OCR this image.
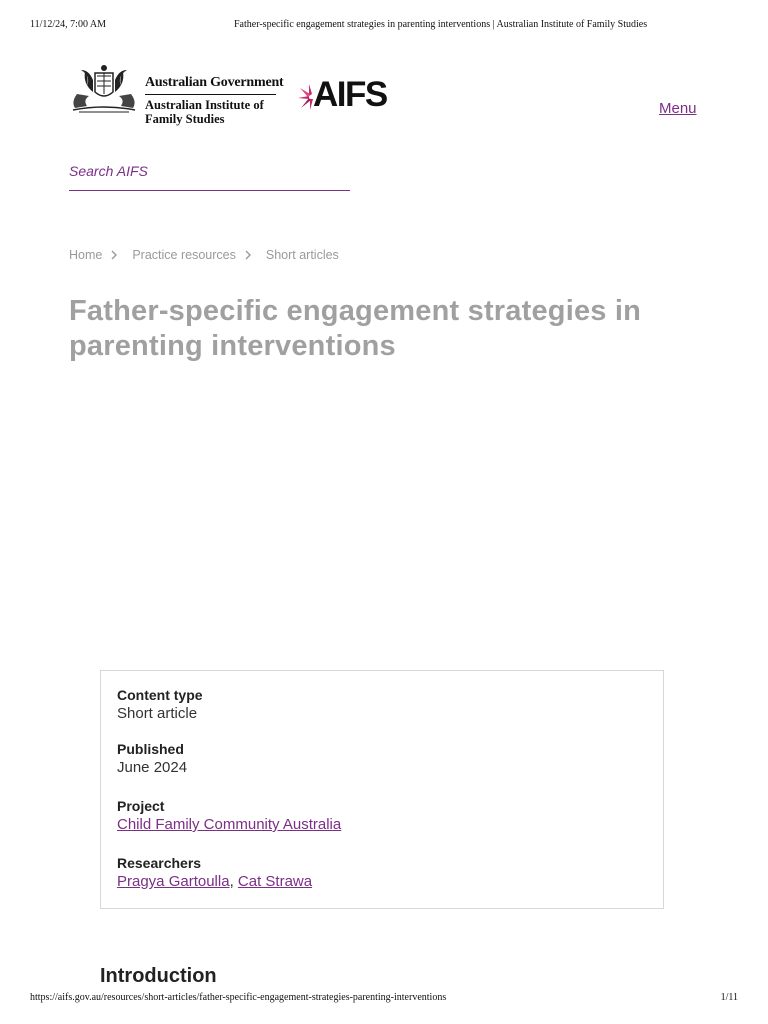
11/12/24, 7:00 AM	Father-specific engagement strategies in parenting interventions | Australian Institute of Family Studies
Australian Government
Australian Institute of
Family Studies
AIFS	Menu
Search AIFS
Home Practice resources Short articles
Father-specific engagement strategies in parenting interventions
Content type
Short article
Published
June 2024
Project
Child Family Community Australia
Researchers
Pragya Gartoulla, Cat Strawa
Introduction
https://aifs.gov.au/resources/short-articles/father-specific-engagement-strategies-parenting-interventions	1/11
